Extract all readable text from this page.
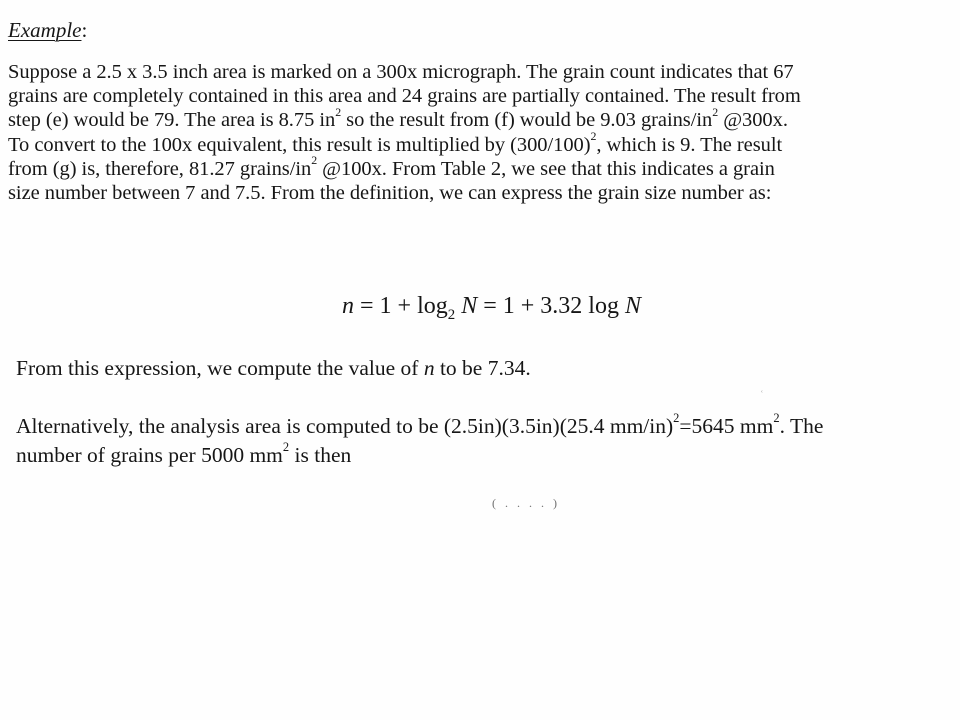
Example:
Suppose a 2.5 x 3.5 inch area is marked on a 300x micrograph. The grain count indicates that 67
grains are completely contained in this area and 24 grains are partially contained. The result from
step (e) would be 79. The area is 8.75 $in^2$ so the result from (f) would be 9.03 grains/$in^2$ @300x.
To convert to the 100x equivalent, this result is multiplied by $(300/100)^2$, which is 9. The result
from (g) is, therefore, 81.27 grains/$in^2$ @100x. From Table 2, we see that this indicates a grain
size number between 7 and 7.5. From the definition, we can express the grain size number as:
$n = 1 + \log_2 N = 1 + 3.32$ log N
From this expression, we compute the value of n to be 7.34.
Alternatively, the analysis area is computed to be (2.5in)(3.5in)(25.4 mm/in)$^2$=5645 $mm^2$. The
number of grains per 5000 $mm^2$ is then
ʿ
( . . . . )
